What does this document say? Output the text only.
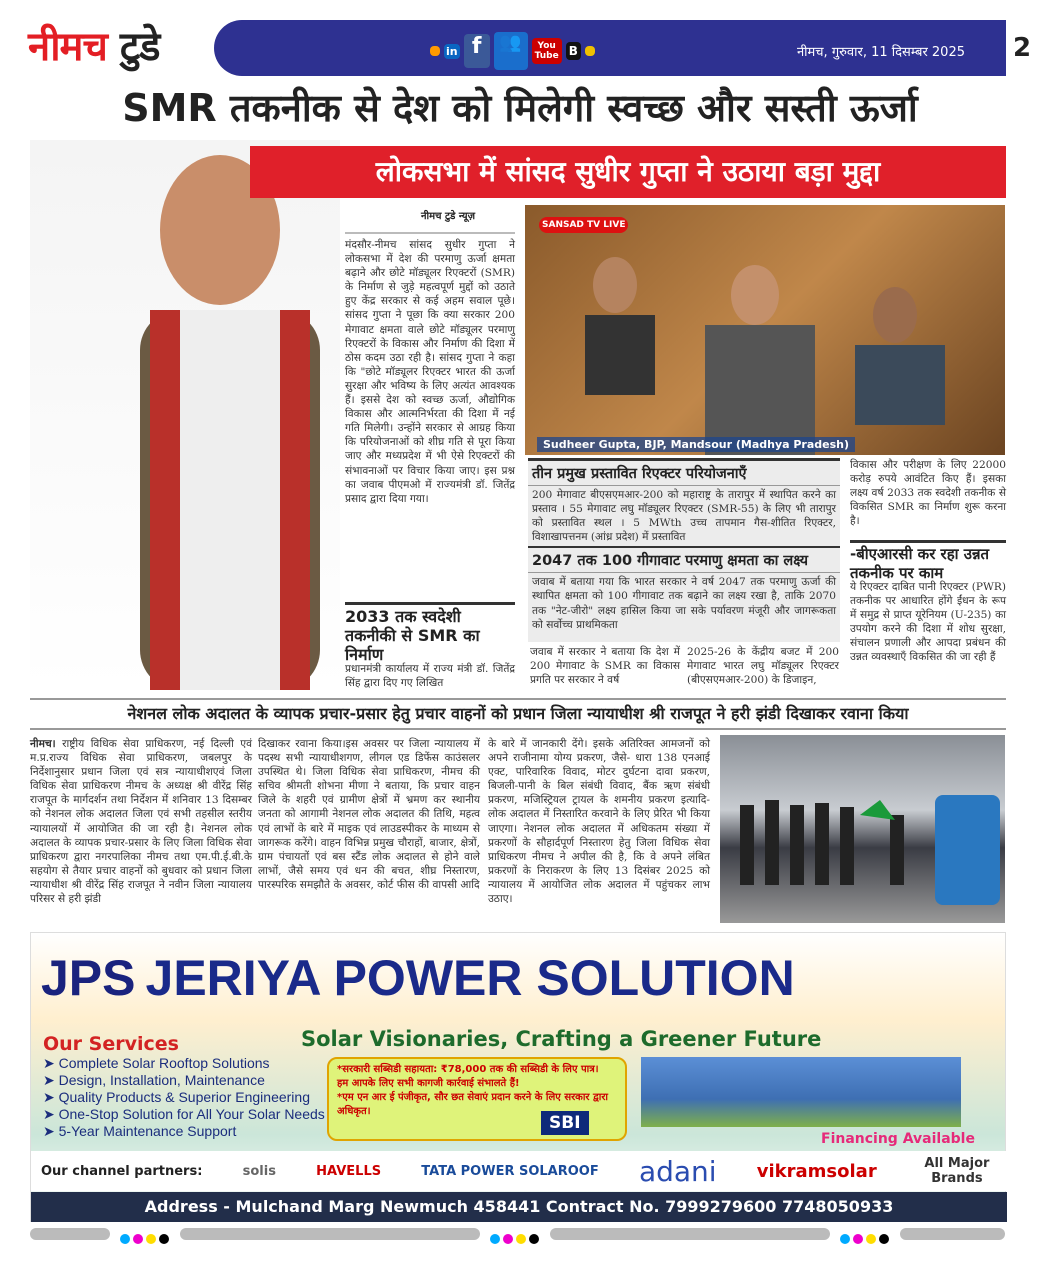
नीमच टुडे	in f	👥	You
Tube B	नीमच, गुरुवार, 11 दिसम्बर 2025 2
SMR तकनीक से देश को मिलेगी स्वच्छ और सस्ती ऊर्जा
लोकसभा में सांसद सुधीर गुप्ता ने उठाया बड़ा मुद्दा
नीमच टुडे न्यूज़
मंदसौर-नीमच सांसद सुधीर गुप्ता ने लोकसभा में देश की परमाणु ऊर्जा क्षमता बढ़ाने और छोटे मॉड्यूलर रिएक्टरों (SMR) के निर्माण से जुड़े महत्वपूर्ण मुद्दों को उठाते हुए केंद्र सरकार से कई अहम सवाल पूछे। सांसद गुप्ता ने पूछा कि क्या सरकार 200 मेगावाट क्षमता वाले छोटे मॉड्यूलर परमाणु रिएक्टरों के विकास और निर्माण की दिशा में ठोस कदम उठा रही है। सांसद गुप्ता ने कहा कि "छोटे मॉड्यूलर रिएक्टर भारत की ऊर्जा सुरक्षा और भविष्य के लिए अत्यंत आवश्यक हैं। इससे देश को स्वच्छ ऊर्जा, औद्योगिक विकास और आत्मनिर्भरता की दिशा में नई गति मिलेगी। उन्होंने सरकार से आग्रह किया कि परियोजनाओं को शीघ्र गति से पूरा किया जाए और मध्यप्रदेश में भी ऐसे रिएक्टरों की संभावनाओं पर विचार किया जाए। इस प्रश्न का जवाब पीएमओ में राज्यमंत्री डॉ. जितेंद्र प्रसाद द्वारा दिया गया।
2033 तक स्वदेशी तकनीकी से SMR का निर्माण
प्रधानमंत्री कार्यालय में राज्य मंत्री डॉ. जितेंद्र सिंह द्वारा दिए गए लिखित
SANSAD TV LIVE
Sudheer Gupta, BJP, Mandsour (Madhya Pradesh)
तीन प्रमुख प्रस्तावित रिएक्टर परियोजनाएँ
200 मेगावाट बीएसएमआर-200 को महाराष्ट्र के तारापुर में स्थापित करने का प्रस्ताव । 55 मेगावाट लघु मॉड्यूलर रिएक्टर (SMR-55) के लिए भी तारापुर को प्रस्तावित स्थल । 5 MWth उच्च तापमान गैस-शीतित रिएक्टर, विशाखापत्तनम (आंध्र प्रदेश) में प्रस्तावित
2047 तक 100 गीगावाट परमाणु क्षमता का लक्ष्य
जवाब में बताया गया कि भारत सरकार ने वर्ष 2047 तक परमाणु ऊर्जा की स्थापित क्षमता को 100 गीगावाट तक बढ़ाने का लक्ष्य रखा है, ताकि 2070 तक "नेट-जीरो" लक्ष्य हासिल किया जा सके पर्यावरण मंजूरी और जागरूकता को सर्वोच्च प्राथमिकता
जवाब में सरकार ने बताया कि देश में 200 मेगावाट के SMR का विकास प्रगति पर सरकार ने वर्ष
2025-26 के केंद्रीय बजट में 200 मेगावाट भारत लघु मॉड्यूलर रिएक्टर (बीएसएमआर-200) के डिजाइन,
विकास और परीक्षण के लिए 22000 करोड़ रुपये आवंटित किए हैं। इसका लक्ष्य वर्ष 2033 तक स्वदेशी तकनीक से विकसित SMR का निर्माण शुरू करना है।
-बीएआरसी कर रहा उन्नत तकनीक पर काम
ये रिएक्टर दाबित पानी रिएक्टर (PWR) तकनीक पर आधारित होंगे ईंधन के रूप में समुद्र से प्राप्त यूरेनियम (U-235) का उपयोग करने की दिशा में शोध सुरक्षा, संचालन प्रणाली और आपदा प्रबंधन की उन्नत व्यवस्थाएँ विकसित की जा रही हैं
नेशनल लोक अदालत के व्यापक प्रचार-प्रसार हेतु प्रचार वाहनों को प्रधान जिला न्यायाधीश श्री राजपूत ने हरी झंडी दिखाकर रवाना किया
नीमच। राष्ट्रीय विधिक सेवा प्राधिकरण, नई दिल्ली एवं म.प्र.राज्य विधिक सेवा प्राधिकरण, जबलपुर के निर्देशानुसार प्रधान जिला एवं सत्र न्यायाधीशएवं जिला विधिक सेवा प्राधिकरण नीमच के अध्यक्ष श्री वीरेंद्र सिंह राजपूत के मार्गदर्शन तथा निर्देशन में शनिवार 13 दिसम्बर को नेशनल लोक अदालत जिला एवं सभी तहसील स्तरीय न्यायालयों में आयोजित की जा रही है। नेशनल लोक अदालत के व्यापक प्रचार-प्रसार के लिए जिला विधिक सेवा प्राधिकरण द्वारा नगरपालिका नीमच तथा एम.पी.ई.बी.के सहयोग से तैयार प्रचार वाहनों को बुधवार को प्रधान जिला न्यायाधीश श्री वीरेंद्र सिंह राजपूत ने नवीन जिला न्यायालय परिसर से हरी झंडी
दिखाकर रवाना किया।इस अवसर पर जिला न्यायालय में पदस्थ सभी न्यायाधीशगण, लीगल एड डिफेंस काउंसलर उपस्थित थे। जिला विधिक सेवा प्राधिकरण, नीमच की सचिव श्रीमती शोभना मीणा ने बताया, कि प्रचार वाहन जिले के शहरी एवं ग्रामीण क्षेत्रों में भ्रमण कर स्थानीय जनता को आगामी नेशनल लोक अदालत की तिथि, महत्व एवं लाभों के बारे में माइक एवं लाउडस्पीकर के माध्यम से जागरूक करेंगे। वाहन विभिन्न प्रमुख चौराहों, बाजार, क्षेत्रों, ग्राम पंचायतों एवं बस स्टैंड लोक अदालत से होने वाले लाभों, जैसे समय एवं धन की बचत, शीघ्र निस्तारण, पारस्परिक समझौते के अवसर, कोर्ट फीस की वापसी आदि
के बारे में जानकारी देंगे। इसके अतिरिक्त आमजनों को अपने राजीनामा योग्य प्रकरण, जैसे- धारा 138 एनआई एक्ट, पारिवारिक विवाद, मोटर दुर्घटना दावा प्रकरण, बिजली-पानी के बिल संबंधी विवाद, बैंक ऋण संबंधी प्रकरण, मजिस्ट्रियल ट्रायल के शमनीय प्रकरण इत्यादि- लोक अदालत में निस्तारित करवाने के लिए प्रेरित भी किया जाएगा। नेशनल लोक अदालत में अधिकतम संख्या में प्रकरणों के सौहार्दपूर्ण निस्तारण हेतु जिला विधिक सेवा प्राधिकरण नीमच ने अपील की है, कि वे अपने लंबित प्रकरणों के निराकरण के लिए 13 दिसंबर 2025 को न्यायालय में आयोजित लोक अदालत में पहुंचकर लाभ उठाए।
JPS JERIYA POWER SOLUTION
Solar Visionaries, Crafting a Greener Future
Our Services
➤ Complete Solar Rooftop Solutions
➤ Design, Installation, Maintenance
➤ Quality Products & Superior Engineering
➤ One-Stop Solution for All Your Solar Needs
➤ 5-Year Maintenance Support
*सरकारी सब्सिडी सहायता: ₹78,000 तक की सब्सिडी के लिए पात्र।
हम आपके लिए सभी कागजी कार्रवाई संभालते हैं!
*एम एन आर ई पंजीकृत, सौर छत सेवाएं प्रदान करने के लिए सरकार द्वारा अधिकृत।
SBI
Financing Available
Our channel partners:	solis	HAVELLS	TATA POWER SOLAROOF adani vikramsolar	All Major Brands
Address - Mulchand Marg Newmuch 458441 Contract No. 7999279600 7748050933
